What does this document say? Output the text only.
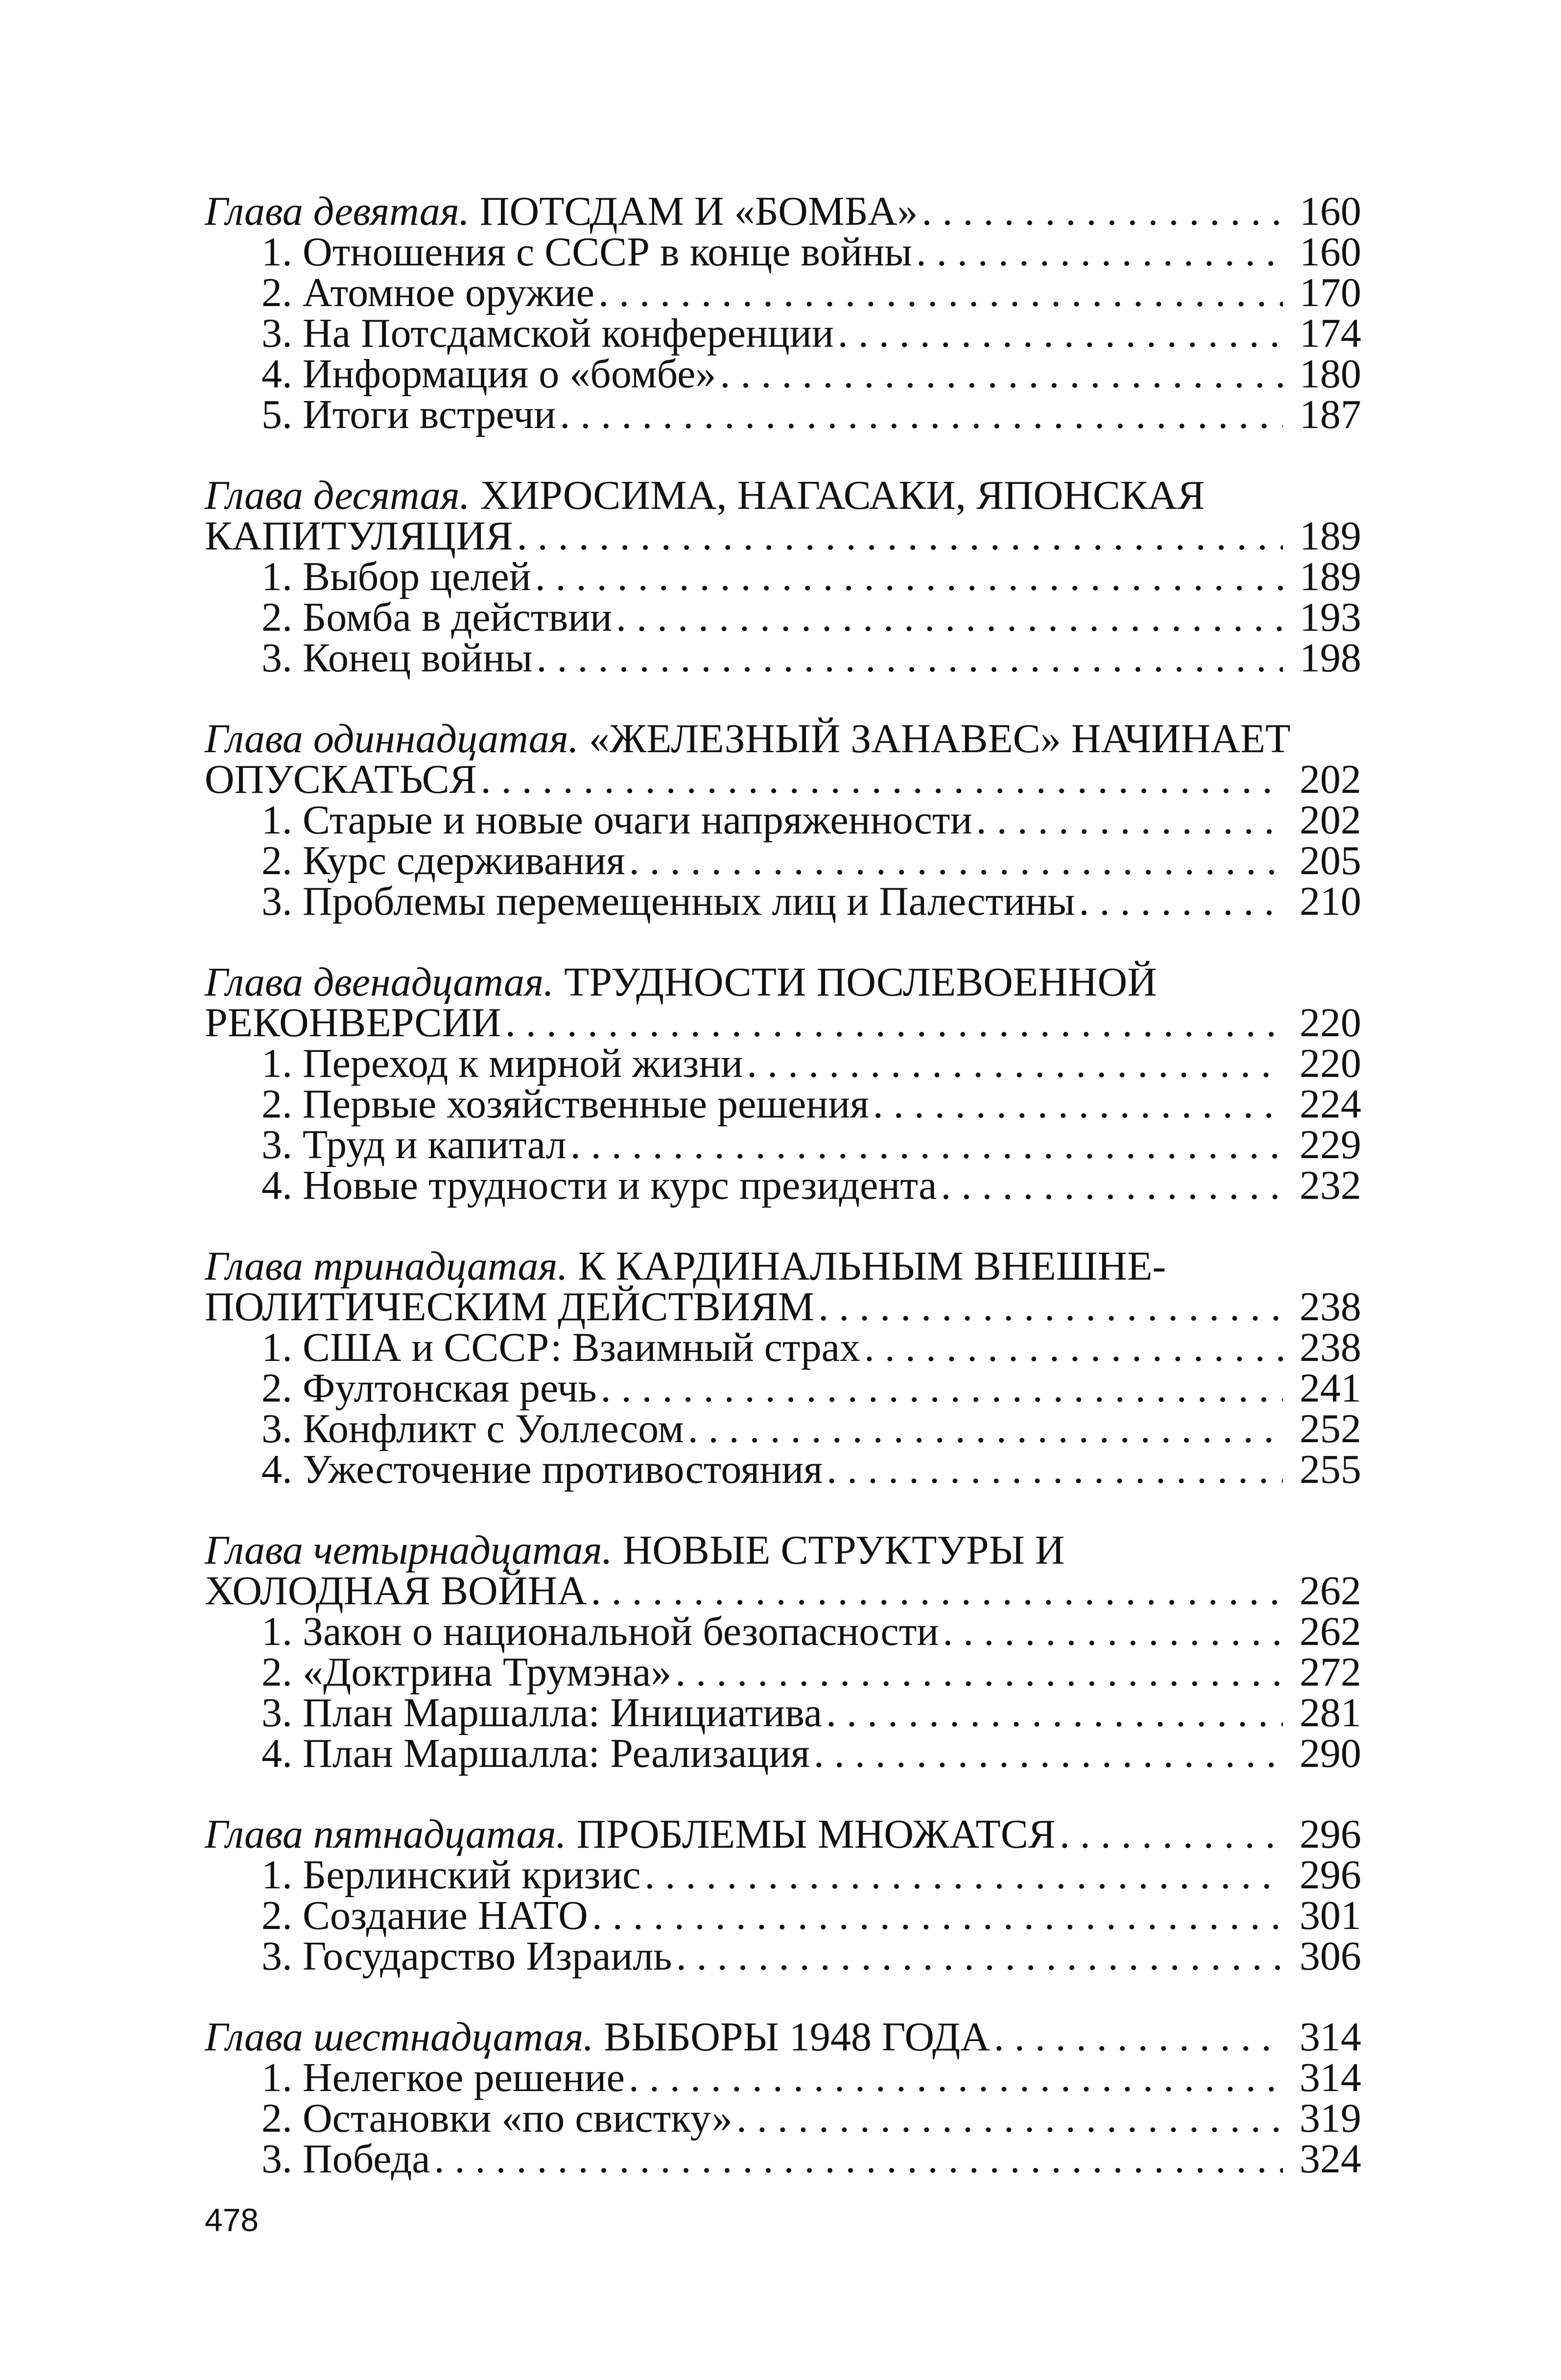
Глава девятая. ПОТСДАМ И «БОМБА» . . .	160
1. Отношения с СССР в конце войны . . .	160
2. Атомное оружие . . .	170
3. На Потсдамской конференции . . .	174
4. Информация о «бомбе» . . .	180
5. Итоги встречи . . .	187
Глава десятая. ХИРОСИМА, НАГАСАКИ, ЯПОНСКАЯ
КАПИТУЛЯЦИЯ . . .	189
1. Выбор целей . . .	189
2. Бомба в действии . . .	193
3. Конец войны . . .	198
Глава одиннадцатая. «ЖЕЛЕЗНЫЙ ЗАНАВЕС» НАЧИНАЕТ
ОПУСКАТЬСЯ . . .	202
1. Старые и новые очаги напряженности . . .	202
2. Курс сдерживания . . .	205
3. Проблемы перемещенных лиц и Палестины . . .	210
Глава двенадцатая. ТРУДНОСТИ ПОСЛЕВОЕННОЙ
РЕКОНВЕРСИИ . . .	220
1. Переход к мирной жизни . . .	220
2. Первые хозяйственные решения . . .	224
3. Труд и капитал . . .	229
4. Новые трудности и курс президента . . .	232
Глава тринадцатая. К КАРДИНАЛЬНЫМ ВНЕШНЕ-
ПОЛИТИЧЕСКИМ ДЕЙСТВИЯМ . . .	238
1. США и СССР: Взаимный страх . . .	238
2. Фултонская речь . . .	241
3. Конфликт с Уоллесом . . .	252
4. Ужесточение противостояния . . .	255
Глава четырнадцатая. НОВЫЕ СТРУКТУРЫ И
ХОЛОДНАЯ ВОЙНА . . .	262
1. Закон о национальной безопасности . . .	262
2. «Доктрина Трумэна» . . .	272
3. План Маршалла: Инициатива . . .	281
4. План Маршалла: Реализация . . .	290
Глава пятнадцатая. ПРОБЛЕМЫ МНОЖАТСЯ . . .	296
1. Берлинский кризис . . .	296
2. Создание НАТО . . .	301
3. Государство Израиль . . .	306
Глава шестнадцатая. ВЫБОРЫ 1948 ГОДА . . .	314
1. Нелегкое решение . . .	314
2. Остановки «по свистку» . . .	319
3. Победа . . .	324
478
